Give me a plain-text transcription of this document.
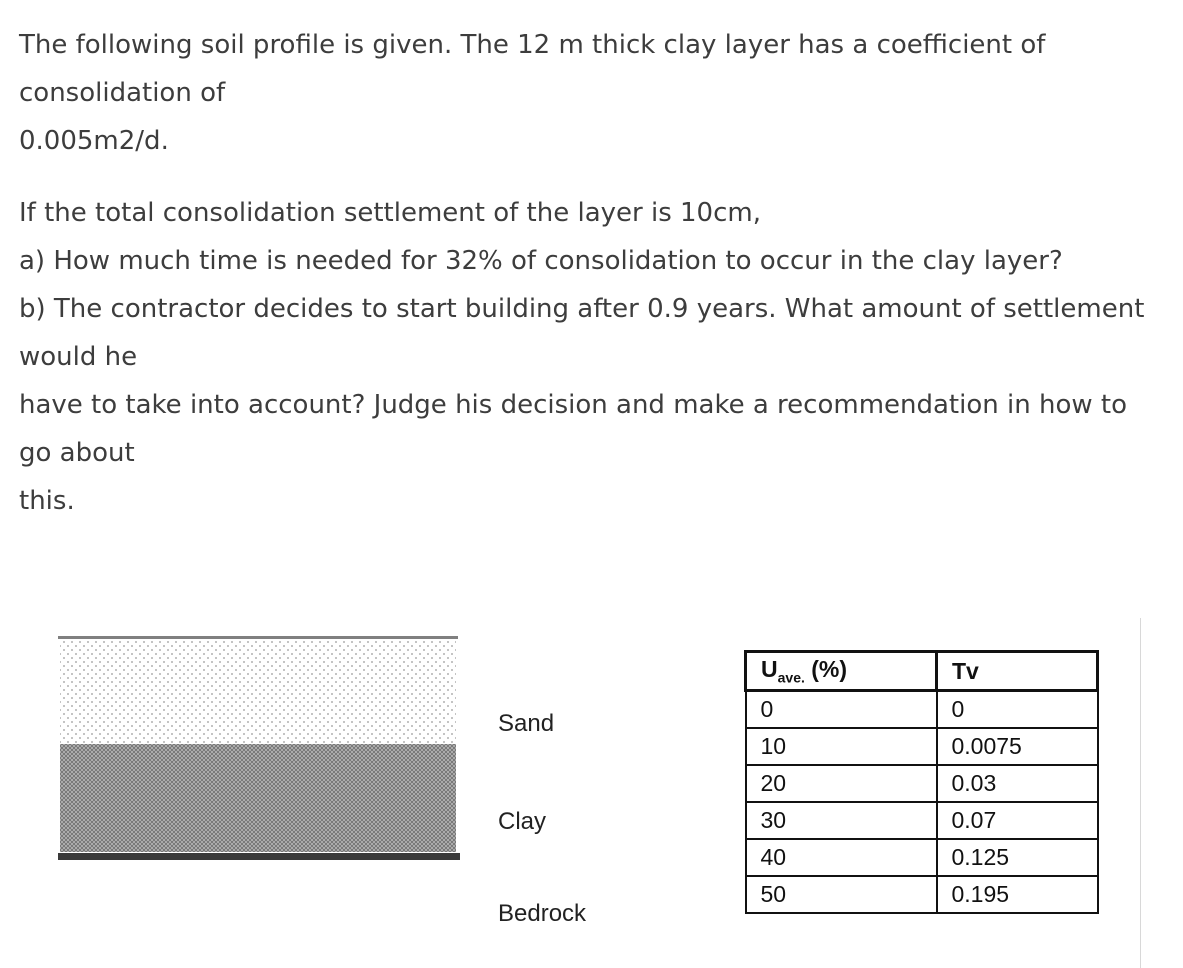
The following soil profile is given. The 12 m thick clay layer has a coefficient of
consolidation of
0.005m2/d.
If the total consolidation settlement of the layer is 10cm,
a) How much time is needed for 32% of consolidation to occur in the clay layer?
b) The contractor decides to start building after 0.9 years. What amount of settlement
would he
have to take into account? Judge his decision and make a recommendation in how to
go about
this.
Sand
Clay
Bedrock
$U_{ave.}$ (%)	Tv
0	0
10	0.0075
20	0.03
30	0.07
40	0.125
50	0.195
